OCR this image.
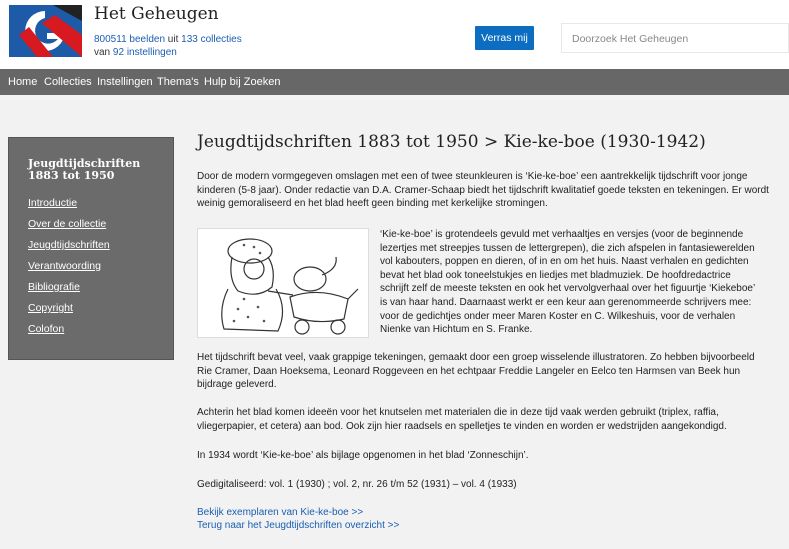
Het Geheugen
800511 beelden uit 133 collecties
van 92 instellingen
Verras mij	Doorzoek Het Geheugen
Home Collecties Instellingen Thema's Hulp bij Zoeken
Jeugdtijdschriften 1883 tot 1950
Introductie
Over de collectie
Jeugdtijdschriften
Verantwoording
Bibliografie
Copyright
Colofon
Jeugdtijdschriften 1883 tot 1950 > Kie-ke-boe (1930-1942)
Door de modern vormgegeven omslagen met een of twee steunkleuren is ‘Kie-ke-boe’ een aantrekkelijk tijdschrift voor jonge kinderen (5-8 jaar). Onder redactie van D.A. Cramer-Schaap biedt het tijdschrift kwalitatief goede teksten en tekeningen. Er wordt weinig gemoraliseerd en het blad heeft geen binding met kerkelijke stromingen.
‘Kie-ke-boe’ is grotendeels gevuld met verhaaltjes en versjes (voor de beginnende lezertjes met streepjes tussen de lettergrepen), die zich afspelen in fantasiewerelden vol kabouters, poppen en dieren, of in en om het huis. Naast verhalen en gedichten bevat het blad ook toneelstukjes en liedjes met bladmuziek. De hoofdredactrice schrijft zelf de meeste teksten en ook het vervolgverhaal over het figuurtje ‘Kiekeboe’ is van haar hand. Daarnaast werkt er een keur aan gerenommeerde schrijvers mee: voor de gedichtjes onder meer Maren Koster en C. Wilkeshuis, voor de verhalen Nienke van Hichtum en S. Franke.
Het tijdschrift bevat veel, vaak grappige tekeningen, gemaakt door een groep wisselende illustratoren. Zo hebben bijvoorbeeld Rie Cramer, Daan Hoeksema, Leonard Roggeveen en het echtpaar Freddie Langeler en Eelco ten Harmsen van Beek hun bijdrage geleverd.
Achterin het blad komen ideeën voor het knutselen met materialen die in deze tijd vaak werden gebruikt (triplex, raffia, vliegerpapier, et cetera) aan bod. Ook zijn hier raadsels en spelletjes te vinden en worden er wedstrijden aangekondigd.
In 1934 wordt ‘Kie-ke-boe’ als bijlage opgenomen in het blad ‘Zonneschijn’.
Gedigitaliseerd: vol. 1 (1930) ; vol. 2, nr. 26 t/m 52 (1931) – vol. 4 (1933)
Bekijk exemplaren van Kie-ke-boe >>
Terug naar het Jeugdtijdschriften overzicht >>
